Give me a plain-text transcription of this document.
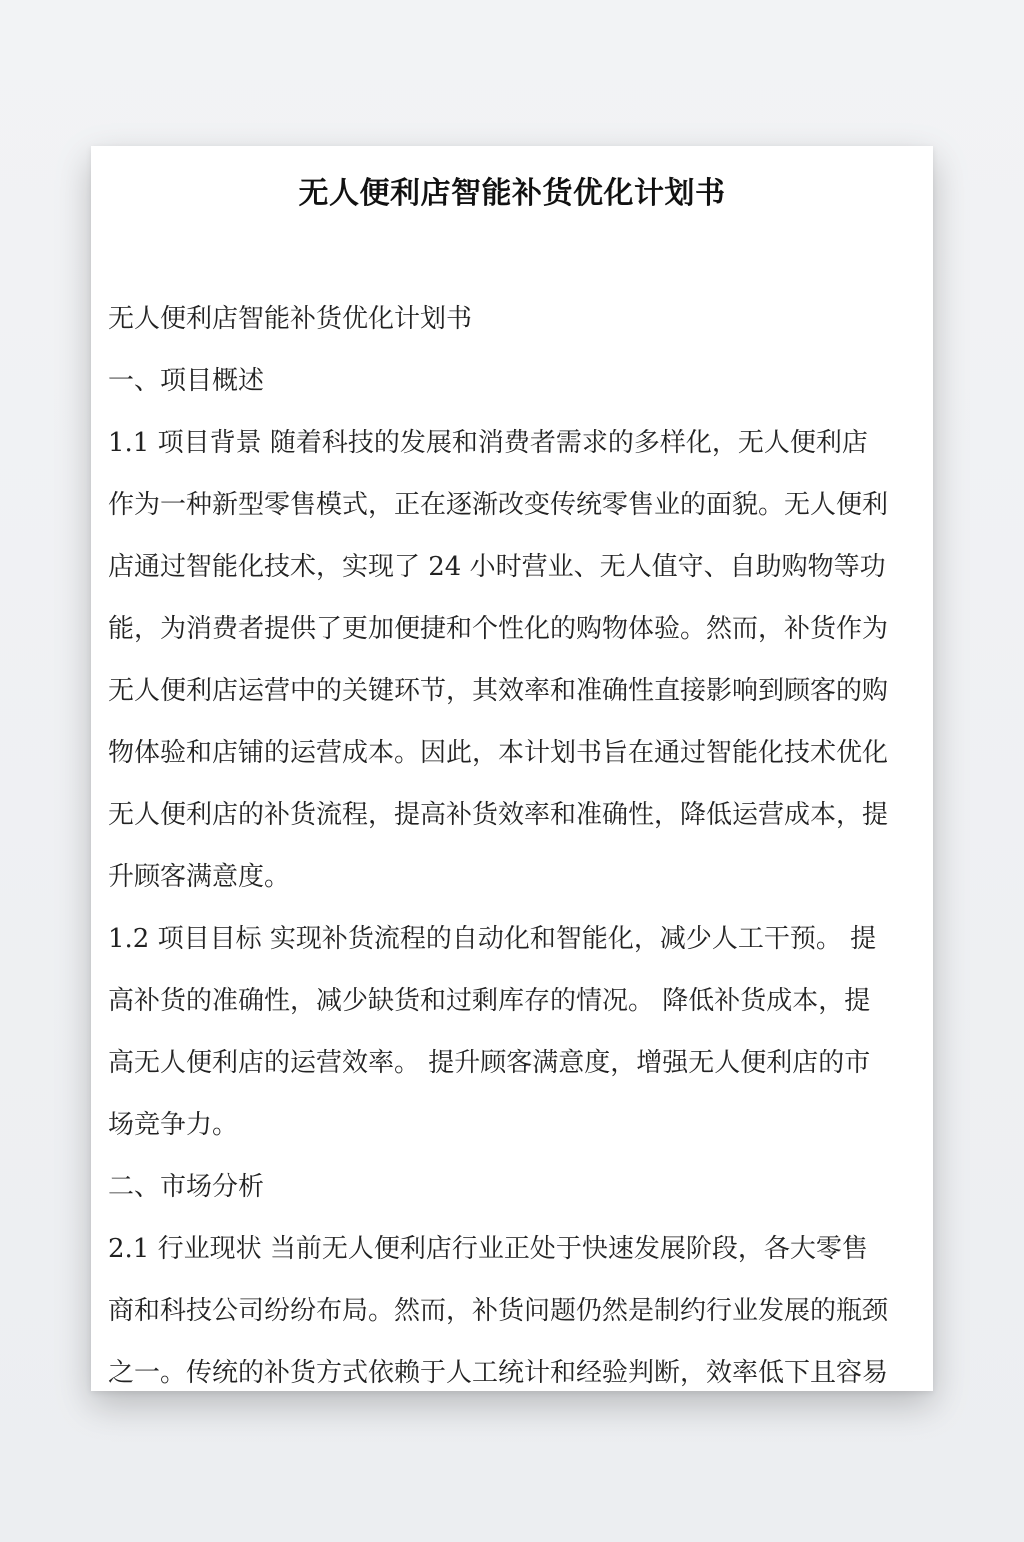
无人便利店智能补货优化计划书
无人便利店智能补货优化计划书
一、项目概述
1.1 项目背景 随着科技的发展和消费者需求的多样化，无人便利店
作为一种新型零售模式，正在逐渐改变传统零售业的面貌。无人便利
店通过智能化技术，实现了 24 小时营业、无人值守、自助购物等功
能，为消费者提供了更加便捷和个性化的购物体验。然而，补货作为
无人便利店运营中的关键环节，其效率和准确性直接影响到顾客的购
物体验和店铺的运营成本。因此，本计划书旨在通过智能化技术优化
无人便利店的补货流程，提高补货效率和准确性，降低运营成本，提
升顾客满意度。
1.2 项目目标 实现补货流程的自动化和智能化，减少人工干预。 提
高补货的准确性，减少缺货和过剩库存的情况。 降低补货成本，提
高无人便利店的运营效率。 提升顾客满意度，增强无人便利店的市
场竞争力。
二、市场分析
2.1 行业现状 当前无人便利店行业正处于快速发展阶段，各大零售
商和科技公司纷纷布局。然而，补货问题仍然是制约行业发展的瓶颈
之一。传统的补货方式依赖于人工统计和经验判断，效率低下且容易
